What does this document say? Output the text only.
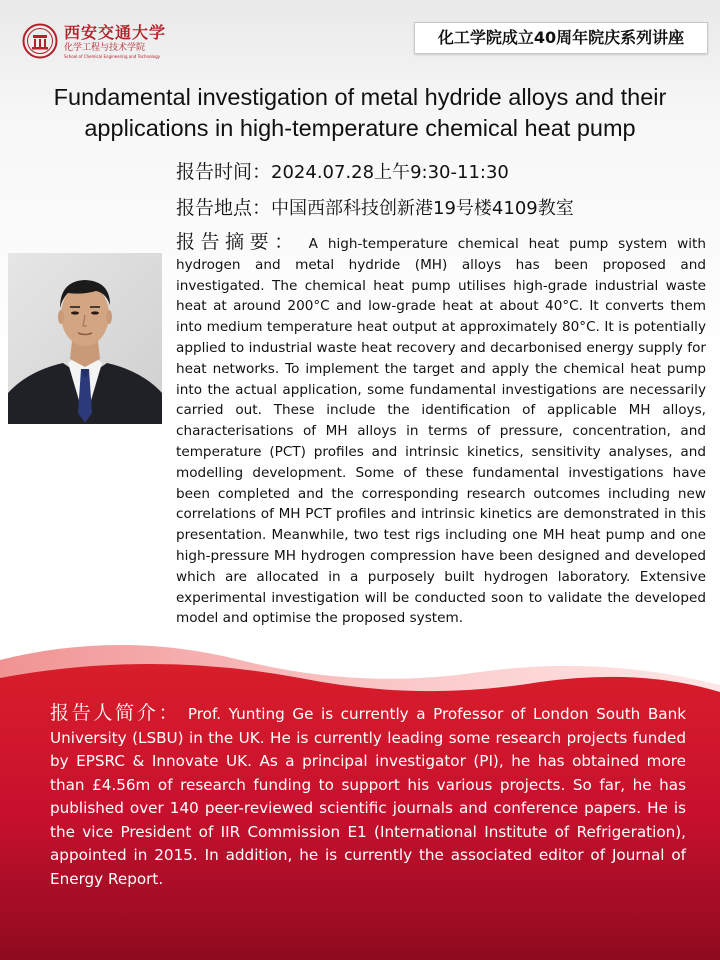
西安交通大学
化学工程与技术学院
School of Chemical Engineering and Technology
化工学院成立40周年院庆系列讲座
Fundamental investigation of metal hydride alloys and their
applications in high-temperature chemical heat pump
报告时间：2024.07.28上午9:30-11:30
报告地点：中国西部科技创新港19号楼4109教室
报告摘要： A high-temperature chemical heat pump system with hydrogen and metal hydride (MH) alloys has been proposed and investigated. The chemical heat pump utilises high-grade industrial waste heat at around 200°C and low-grade heat at about 40°C. It converts them into medium temperature heat output at approximately 80°C. It is potentially applied to industrial waste heat recovery and decarbonised energy supply for heat networks. To implement the target and apply the chemical heat pump into the actual application, some fundamental investigations are necessarily carried out. These include the identification of applicable MH alloys, characterisations of MH alloys in terms of pressure, concentration, and temperature (PCT) profiles and intrinsic kinetics, sensitivity analyses, and modelling development. Some of these fundamental investigations have been completed and the corresponding research outcomes including new correlations of MH PCT profiles and intrinsic kinetics are demonstrated in this presentation. Meanwhile, two test rigs including one MH heat pump and one high-pressure MH hydrogen compression have been designed and developed which are allocated in a purposely built hydrogen laboratory. Extensive experimental investigation will be conducted soon to validate the developed model and optimise the proposed system.
报告人简介： Prof. Yunting Ge is currently a Professor of London South Bank University (LSBU) in the UK. He is currently leading some research projects funded by EPSRC & Innovate UK. As a principal investigator (PI), he has obtained more than £4.56m of research funding to support his various projects. So far, he has published over 140 peer-reviewed scientific journals and conference papers. He is the vice President of IIR Commission E1 (International Institute of Refrigeration), appointed in 2015. In addition, he is currently the associated editor of Journal of Energy Report.
